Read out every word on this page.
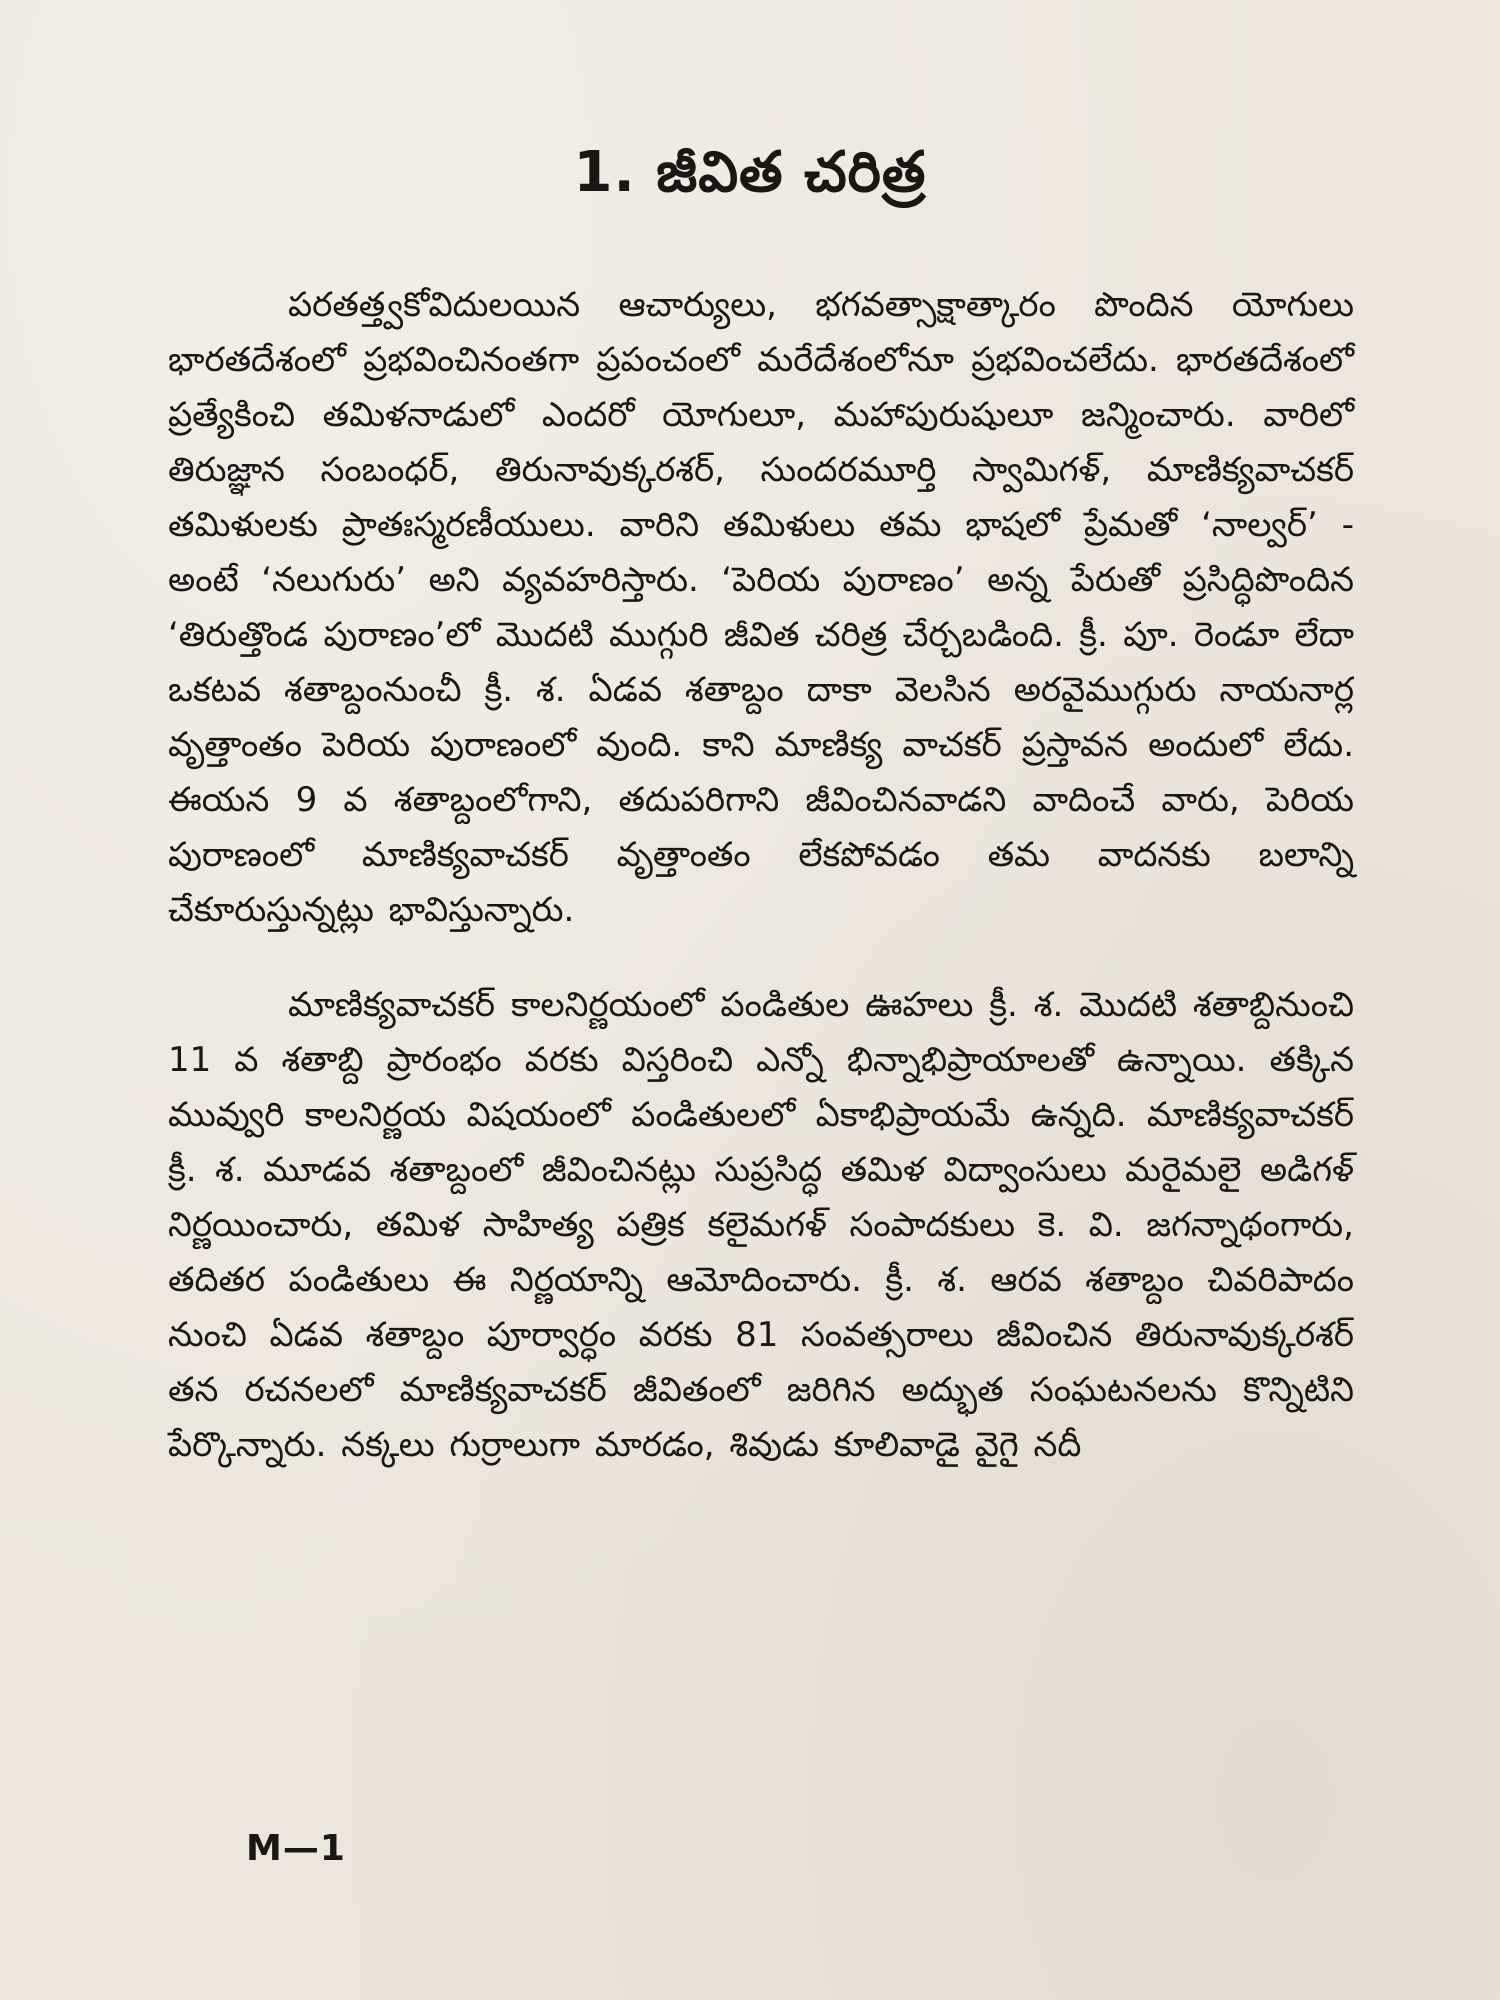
1. జీవిత చరిత్ర

పరతత్త్వకోవిదులయిన ఆచార్యులు, భగవత్సాక్షాత్కారం పొందిన యోగులు భారతదేశంలో ప్రభవించినంతగా ప్రపంచంలో మరేదేశంలోనూ ప్రభవించలేదు. భారతదేశంలో ప్రత్యేకించి తమిళనాడులో ఎందరో యోగులూ, మహాపురుషులూ జన్మించారు. వారిలో తిరుజ్ఞాన సంబంధర్, తిరునావుక్కరశర్, సుందరమూర్తి స్వామిగళ్, మాణిక్యవాచకర్ తమిళులకు ప్రాతఃస్మరణీయులు. వారిని తమిళులు తమ భాషలో ప్రేమతో ‘నాల్వర్’ - అంటే ‘నలుగురు’ అని వ్యవహరిస్తారు. ‘పెరియ పురాణం’ అన్న పేరుతో ప్రసిద్ధిపొందిన ‘తిరుత్తొండ పురాణం’లో మొదటి ముగ్గురి జీవిత చరిత్ర చేర్చబడింది. క్రీ. పూ. రెండూ లేదా ఒకటవ శతాబ్దంనుంచీ క్రీ. శ. ఏడవ శతాబ్దం దాకా వెలసిన అరవైముగ్గురు నాయనార్ల వృత్తాంతం పెరియ పురాణంలో వుంది. కాని మాణిక్య వాచకర్ ప్రస్తావన అందులో లేదు. ఈయన 9 వ శతాబ్దంలోగాని, తదుపరిగాని జీవించినవాడని వాదించే వారు, పెరియ పురాణంలో మాణిక్యవాచకర్ వృత్తాంతం లేకపోవడం తమ వాదనకు బలాన్ని చేకూరుస్తున్నట్లు భావిస్తున్నారు.

మాణిక్యవాచకర్ కాలనిర్ణయంలో పండితుల ఊహలు క్రీ. శ. మొదటి శతాబ్దినుంచి 11 వ శతాబ్ది ప్రారంభం వరకు విస్తరించి ఎన్నో భిన్నాభిప్రాయాలతో ఉన్నాయి. తక్కిన మువ్వురి కాలనిర్ణయ విషయంలో పండితులలో ఏకాభిప్రాయమే ఉన్నది. మాణిక్యవాచకర్ క్రీ. శ. మూడవ శతాబ్దంలో జీవించినట్లు సుప్రసిద్ధ తమిళ విద్వాంసులు మరైమలై అడిగళ్ నిర్ణయించారు, తమిళ సాహిత్య పత్రిక కలైమగళ్ సంపాదకులు కె. వి. జగన్నాథంగారు, తదితర పండితులు ఈ నిర్ణయాన్ని ఆమోదించారు. క్రీ. శ. ఆరవ శతాబ్దం చివరిపాదం నుంచి ఏడవ శతాబ్దం పూర్వార్ధం వరకు 81 సంవత్సరాలు జీవించిన తిరునావుక్కరశర్ తన రచనలలో మాణిక్యవాచకర్ జీవితంలో జరిగిన అద్భుత సంఘటనలను కొన్నిటిని పేర్కొన్నారు. నక్కలు గుర్రాలుగా మారడం, శివుడు కూలివాడై వైగై నదీ

M—1
